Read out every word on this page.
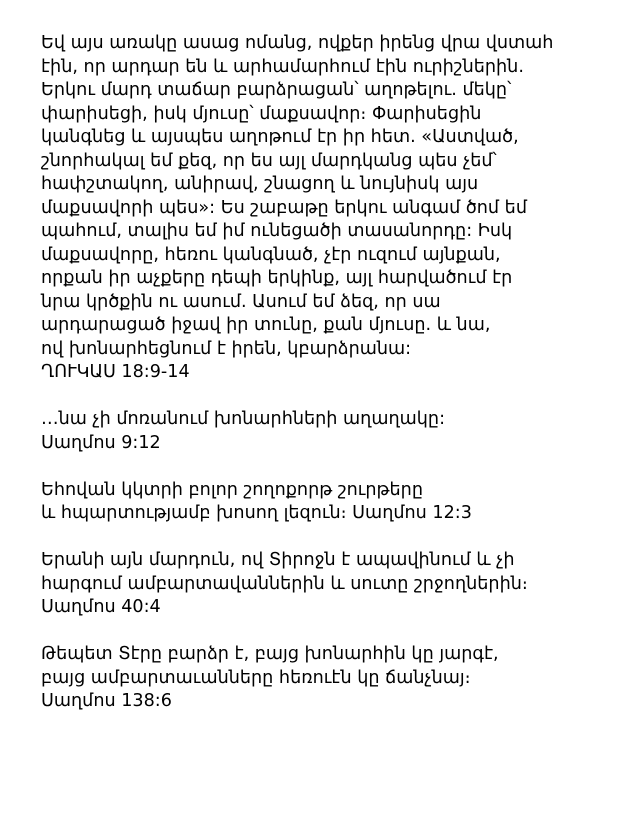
Եվ այս առակը ասաց ոմանց, ովքեր իրենց վրա վստահ
էին, որ արդար են և արհամարհում էին ուրիշներին.
Երկու մարդ տաճար բարձրացան՝ աղոթելու. մեկը՝
փարիսեցի, իսկ մյուսը՝ մաքսավոր։ Փարիսեցին
կանգնեց և այսպես աղոթում էր իր հետ. «Աստված,
շնորհակալ եմ քեզ, որ ես այլ մարդկանց պես չեմ՝
հափշտակող, անիրավ, շնացող և նույնիսկ այս
մաքսավորի պես»: Ես շաբաթը երկու անգամ ծոմ եմ
պահում, տալիս եմ իմ ունեցածի տասանորդը: Իսկ
մաքսավորը, հեռու կանգնած, չէր ուզում այնքան,
որքան իր աչքերը դեպի երկինք, այլ հարվածում էր
նրա կրծքին ու ասում. Ասում եմ ձեզ, որ սա
արդարացած իջավ իր տունը, քան մյուսը. և նա,
ով խոնարհեցնում է իրեն, կբարձրանա:
ՂՈՒԿԱՍ 18:9-14
…նա չի մոռանում խոնարհների աղաղակը:
Սաղմոս 9:12
Եհովան կկտրի բոլոր շողոքորթ շուրթերը
և հպարտությամբ խոսող լեզուն։ Սաղմոս 12:3
Երանի այն մարդուն, ով Տիրոջն է ապավինում և չի
հարգում ամբարտավաններին և սուտը շրջողներին։
Սաղմոս 40:4
Թեպետ Տէրը բարձր է, բայց խոնարհին կը յարգէ,
բայց ամբարտաւանները հեռուէն կը ճանչնայ։
Սաղմոս 138:6
